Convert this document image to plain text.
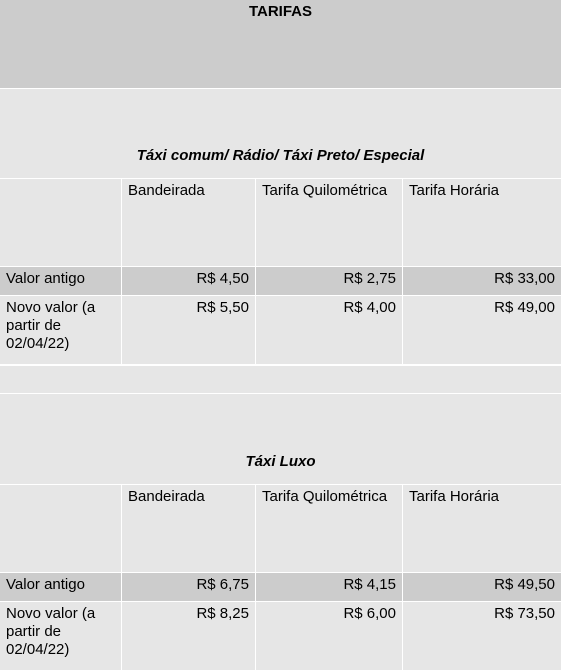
TARIFAS
Táxi comum/ Rádio/ Táxi Preto/ Especial
	Bandeirada	Tarifa Quilométrica	Tarifa Horária
Valor antigo	R$ 4,50	R$ 2,75	R$ 33,00
Novo valor (a partir de 02/04/22)	R$ 5,50	R$ 4,00	R$ 49,00
Táxi Luxo
	Bandeirada	Tarifa Quilométrica	Tarifa Horária
Valor antigo	R$ 6,75	R$ 4,15	R$ 49,50
Novo valor (a partir de 02/04/22)	R$ 8,25	R$ 6,00	R$ 73,50
